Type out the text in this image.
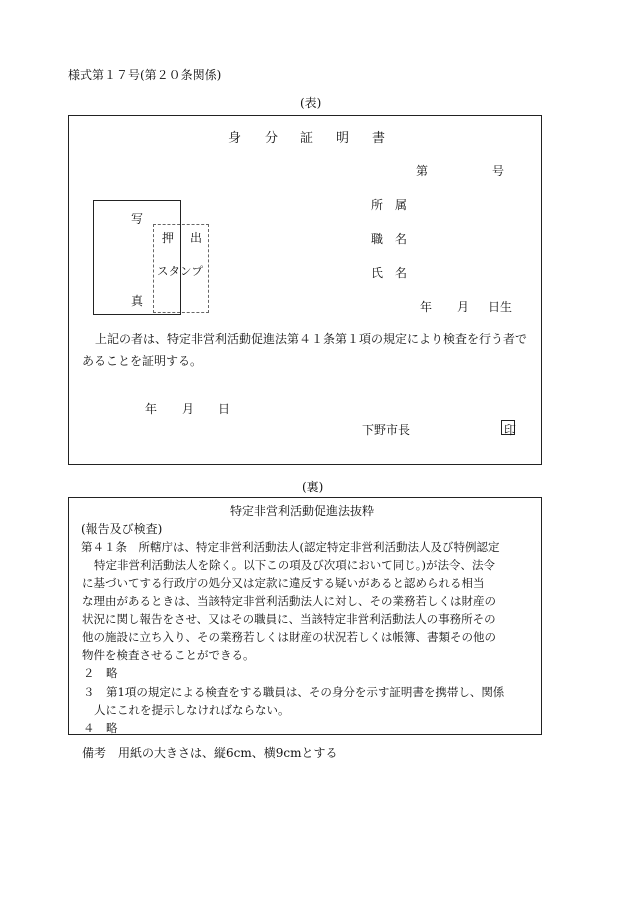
様式第１７号(第２０条関係)
(表)
身 分 証 明 書
第	号
写
真
押 出
スタンプ
所　属
職　名
氏　名
年 月 日生
上記の者は、特定非営利活動促進法第４１条第１項の規定により検査を行う者で
あることを証明する。
年 月 日
下野市長	印
(裏)
特定非営利活動促進法抜粋
(報告及び検査)
第４１条　所轄庁は、特定非営利活動法人(認定特定非営利活動法人及び特例認定
特定非営利活動法人を除く。以下この項及び次項において同じ。)が法令、法令
に基づいてする行政庁の処分又は定款に違反する疑いがあると認められる相当
な理由があるときは、当該特定非営利活動法人に対し、その業務若しくは財産の
状況に関し報告をさせ、又はその職員に、当該特定非営利活動法人の事務所その
他の施設に立ち入り、その業務若しくは財産の状況若しくは帳簿、書類その他の
物件を検査させることができる。
２　略
３　第1項の規定による検査をする職員は、その身分を示す証明書を携帯し、関係
人にこれを提示しなければならない。
４　略
備考　用紙の大きさは、縦6cm、横9cmとする
